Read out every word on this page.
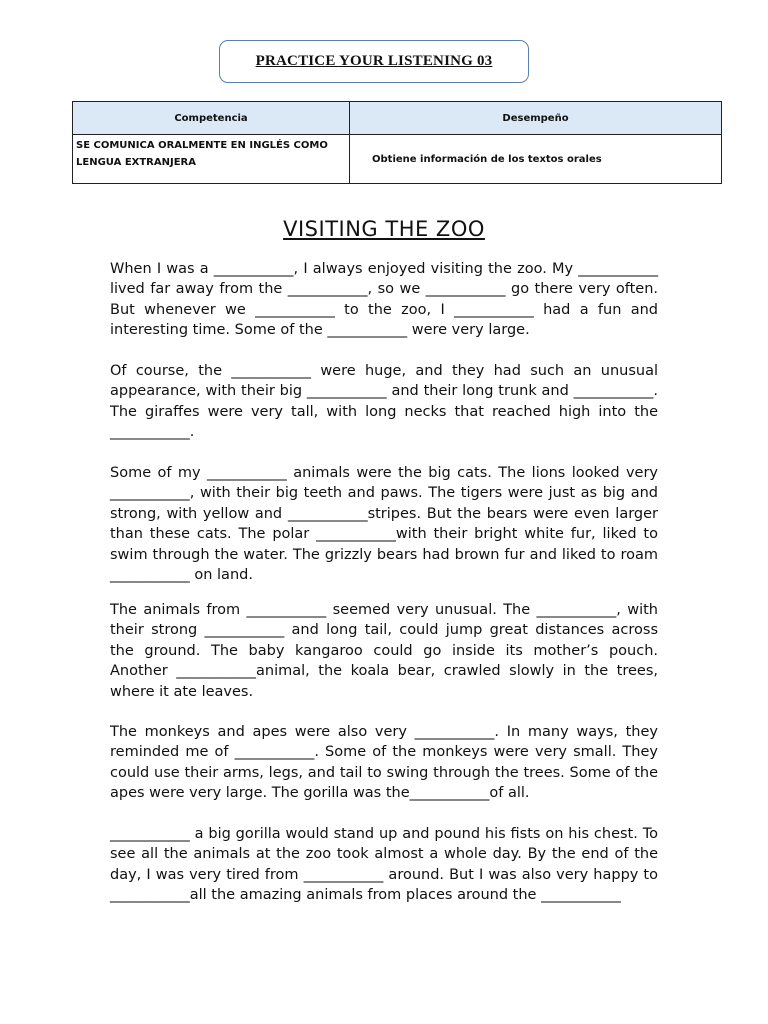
PRACTICE YOUR LISTENING 03
Competencia	Desempeño
SE COMUNICA ORALMENTE EN INGLÉS COMO LENGUA EXTRANJERA	Obtiene información de los textos orales
VISITING THE ZOO

When I was a ___________, I always enjoyed visiting the zoo. My ___________ lived far away from the ___________, so we ___________ go there very often. But whenever we ___________ to the zoo, I ___________ had a fun and interesting time. Some of the ___________ were very large.

Of course, the ___________ were huge, and they had such an unusual appearance, with their big ___________ and their long trunk and ___________. The giraffes were very tall, with long necks that reached high into the ___________.

Some of my ___________ animals were the big cats. The lions looked very ___________, with their big teeth and paws. The tigers were just as big and strong, with yellow and ___________stripes. But the bears were even larger than these cats. The polar ___________with their bright white fur, liked to swim through the water. The grizzly bears had brown fur and liked to roam ___________ on land.

The animals from ___________ seemed very unusual. The ___________, with their strong ___________ and long tail, could jump great distances across the ground. The baby kangaroo could go inside its mother’s pouch. Another ___________animal, the koala bear, crawled slowly in the trees, where it ate leaves.

The monkeys and apes were also very ___________. In many ways, they reminded me of ___________. Some of the monkeys were very small. They could use their arms, legs, and tail to swing through the trees. Some of the apes were very large. The gorilla was the___________of all.

___________ a big gorilla would stand up and pound his fists on his chest. To see all the animals at the zoo took almost a whole day. By the end of the day, I was very tired from ___________ around. But I was also very happy to ___________all the amazing animals from places around the ___________
